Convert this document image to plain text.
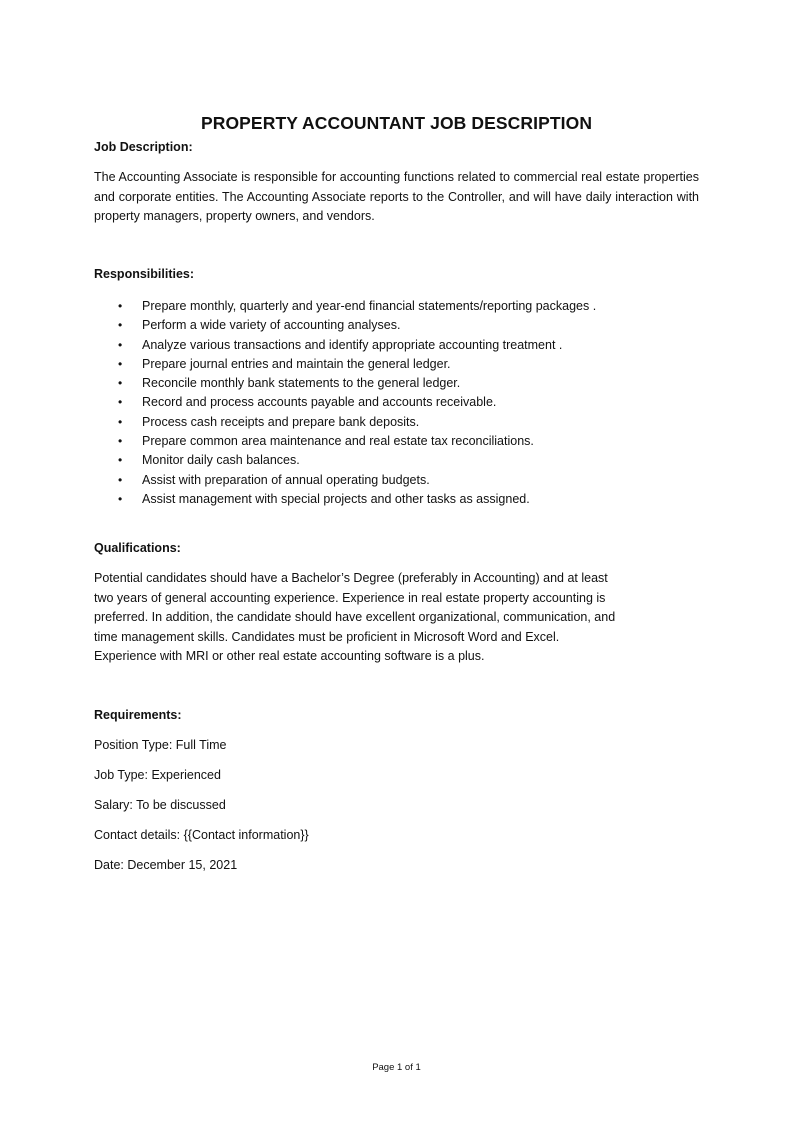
PROPERTY ACCOUNTANT JOB DESCRIPTION

Job Description:

The Accounting Associate is responsible for accounting functions related to commercial real estate properties and corporate entities. The Accounting Associate reports to the Controller, and will have daily interaction with property managers, property owners, and vendors.

Responsibilities:

• Prepare monthly, quarterly and year-end financial statements/reporting packages .
• Perform a wide variety of accounting analyses.
• Analyze various transactions and identify appropriate accounting treatment .
• Prepare journal entries and maintain the general ledger.
• Reconcile monthly bank statements to the general ledger.
• Record and process accounts payable and accounts receivable.
• Process cash receipts and prepare bank deposits.
• Prepare common area maintenance and real estate tax reconciliations.
• Monitor daily cash balances.
• Assist with preparation of annual operating budgets.
• Assist management with special projects and other tasks as assigned.

Qualifications:

Potential candidates should have a Bachelor’s Degree (preferably in Accounting) and at least
two years of general accounting experience. Experience in real estate property accounting is
preferred. In addition, the candidate should have excellent organizational, communication, and
time management skills. Candidates must be proficient in Microsoft Word and Excel.
Experience with MRI or other real estate accounting software is a plus.

Requirements:

Position Type: Full Time

Job Type: Experienced

Salary: To be discussed

Contact details: {{Contact information}}

Date: December 15, 2021

Page 1 of 1
